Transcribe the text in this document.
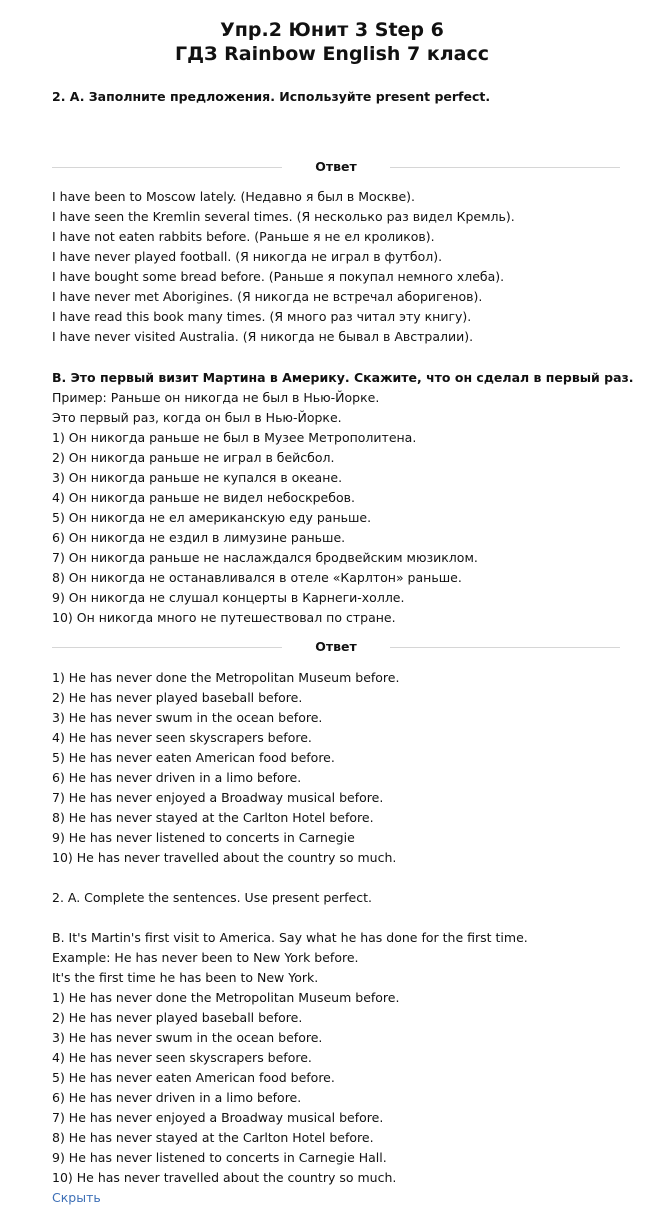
Упр.2 Юнит 3 Step 6
ГДЗ Rainbow English 7 класс
2. A. Заполните предложения. Используйте present perfect.
Ответ
I have been to Moscow lately. (Недавно я был в Москве).
I have seen the Kremlin several times. (Я несколько раз видел Кремль).
I have not eaten rabbits before. (Раньше я не ел кроликов).
I have never played football. (Я никогда не играл в футбол).
I have bought some bread before. (Раньше я покупал немного хлеба).
I have never met Aborigines. (Я никогда не встречал аборигенов).
I have read this book many times. (Я много раз читал эту книгу).
I have never visited Australia. (Я никогда не бывал в Австралии).
B. Это первый визит Мартина в Америку. Скажите, что он сделал в первый раз.
Пример: Раньше он никогда не был в Нью-Йорке.
Это первый раз, когда он был в Нью-Йорке.
1) Он никогда раньше не был в Музее Метрополитена.
2) Он никогда раньше не играл в бейсбол.
3) Он никогда раньше не купался в океане.
4) Он никогда раньше не видел небоскребов.
5) Он никогда не ел американскую еду раньше.
6) Он никогда не ездил в лимузине раньше.
7) Он никогда раньше не наслаждался бродвейским мюзиклом.
8) Он никогда не останавливался в отеле «Карлтон» раньше.
9) Он никогда не слушал концерты в Карнеги-холле.
10) Он никогда много не путешествовал по стране.
Ответ
1) He has never done the Metropolitan Museum before.
2) He has never played baseball before.
3) He has never swum in the ocean before.
4) He has never seen skyscrapers before.
5) He has never eaten American food before.
6) He has never driven in a limo before.
7) He has never enjoyed a Broadway musical before.
8) He has never stayed at the Carlton Hotel before.
9) He has never listened to concerts in Carnegie
10) He has never travelled about the country so much.
2. A. Complete the sentences. Use present perfect.
B. It's Martin's first visit to America. Say what he has done for the first time.
Example: He has never been to New York before.
It's the first time he has been to New York.
1) He has never done the Metropolitan Museum before.
2) He has never played baseball before.
3) He has never swum in the ocean before.
4) He has never seen skyscrapers before.
5) He has never eaten American food before.
6) He has never driven in a limo before.
7) He has never enjoyed a Broadway musical before.
8) He has never stayed at the Carlton Hotel before.
9) He has never listened to concerts in Carnegie Hall.
10) He has never travelled about the country so much.
Скрыть
